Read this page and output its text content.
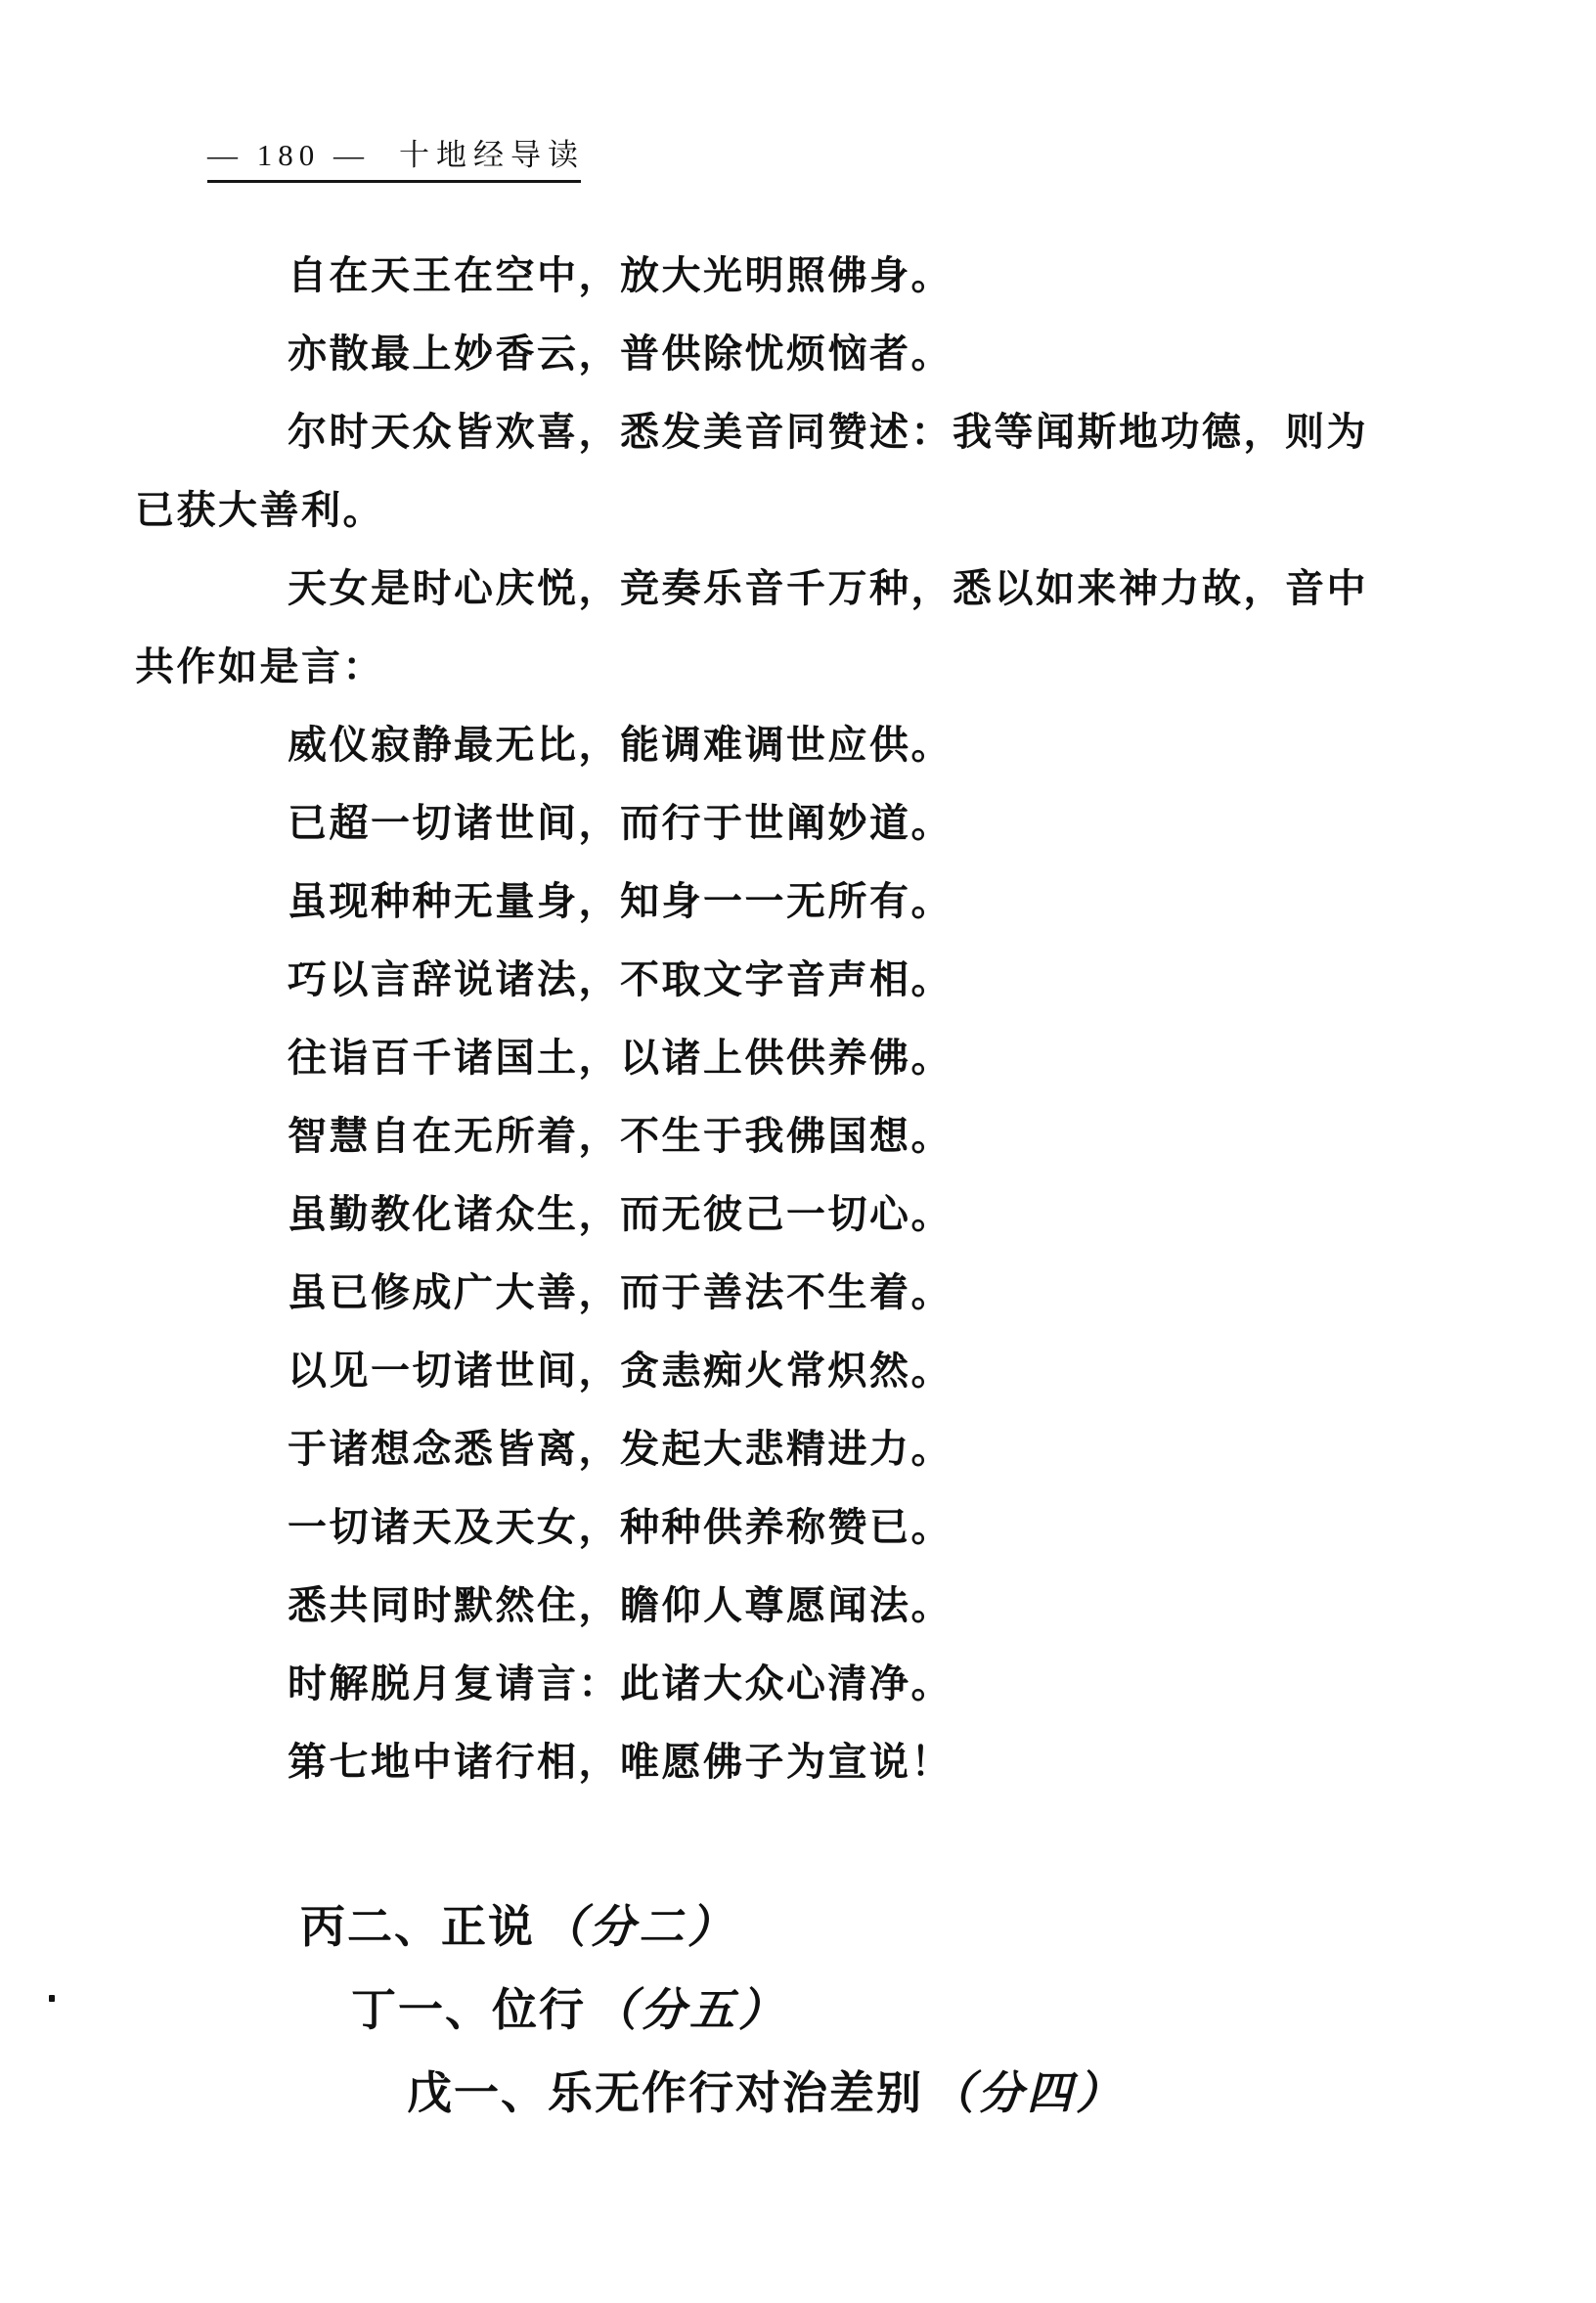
— 180 — 十地经导读
自在天王在空中，放大光明照佛身。
亦散最上妙香云，普供除忧烦恼者。
尔时天众皆欢喜，悉发美音同赞述：我等闻斯地功德，则为
已获大善利。
天女是时心庆悦，竞奏乐音千万种，悉以如来神力故，音中
共作如是言：
威仪寂静最无比，能调难调世应供。
已超一切诸世间，而行于世阐妙道。
虽现种种无量身，知身一一无所有。
巧以言辞说诸法，不取文字音声相。
往诣百千诸国土，以诸上供供养佛。
智慧自在无所着，不生于我佛国想。
虽勤教化诸众生，而无彼己一切心。
虽已修成广大善，而于善法不生着。
以见一切诸世间，贪恚痴火常炽然。
于诸想念悉皆离，发起大悲精进力。
一切诸天及天女，种种供养称赞已。
悉共同时默然住，瞻仰人尊愿闻法。
时解脱月复请言：此诸大众心清净。
第七地中诸行相，唯愿佛子为宣说！
丙二、正说 （分二）
丁一、位行 （分五）
戊一、乐无作行对治差别 （分四）
